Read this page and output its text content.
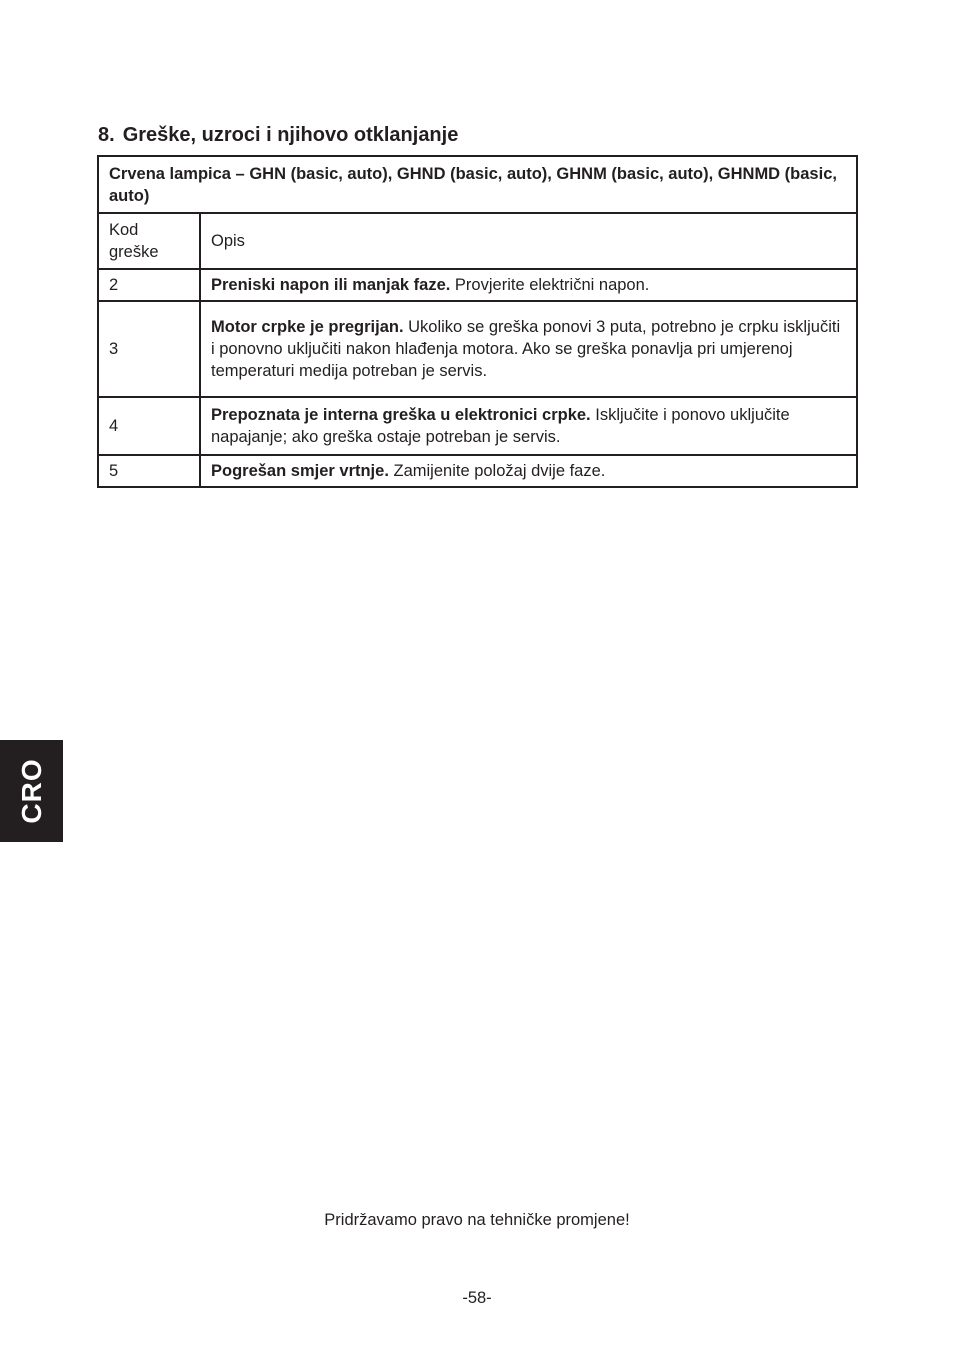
8. Greške, uzroci i njihovo otklanjanje
Crvena lampica – GHN (basic, auto), GHND (basic, auto), GHNM (basic, auto), GHNMD (basic, auto)	
Kod
greške	Opis
2	Preniski napon ili manjak faze. Provjerite električni napon.
3	Motor crpke je pregrijan. Ukoliko se greška ponovi 3 puta, potrebno je crpku isključiti i ponovno uključiti nakon hlađenja motora. Ako se greška ponavlja pri umjerenoj temperaturi medija potreban je servis.
4	Prepoznata je interna greška u elektronici crpke. Isključite i ponovo uključite napajanje; ako greška ostaje potreban je servis.
5	Pogrešan smjer vrtnje. Zamijenite položaj dvije faze.
CRO
Pridržavamo pravo na tehničke promjene!
-58-
